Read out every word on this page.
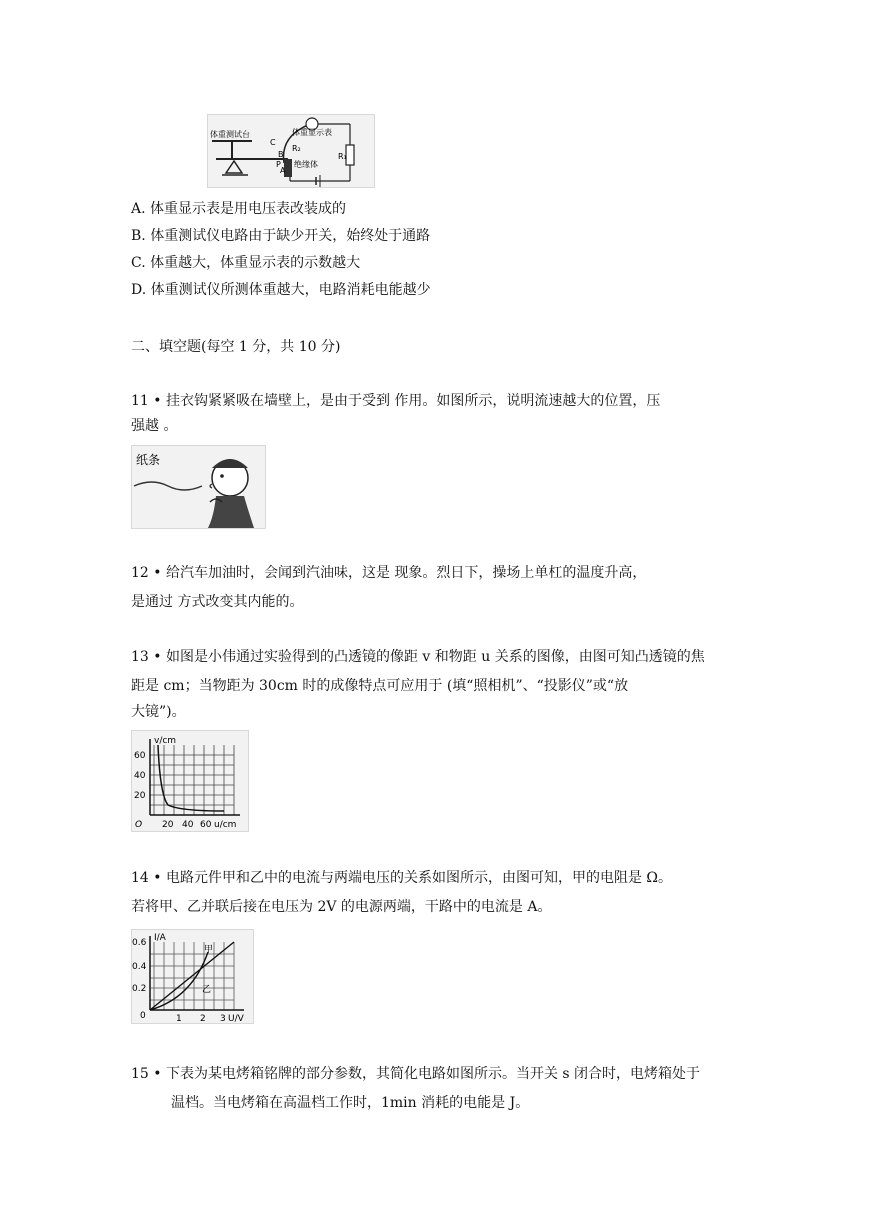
体重测试台	体重显示表
绝缘体
R₁
R₂
C
B
A
P
A. 体重显示表是用电压表改装成的
B. 体重测试仪电路由于缺少开关，始终处于通路
C. 体重越大，体重显示表的示数越大
D. 体重测试仪所测体重越大，电路消耗电能越少
二、填空题(每空 1 分，共 10 分)
11 • 挂衣钩紧紧吸在墙壁上，是由于受到 作用。如图所示，说明流速越大的位置，压
强越 。
纸条
12 • 给汽车加油时，会闻到汽油味，这是 现象。烈日下，操场上单杠的温度升高，
是通过 方式改变其内能的。
13 • 如图是小伟通过实验得到的凸透镜的像距 v 和物距 u 关系的图像，由图可知凸透镜的焦
距是 cm；当物距为 30cm 时的成像特点可应用于 (填“照相机”、“投影仪”或“放
大镜”)。
v/cm
u/cm
O
60
40
20
20 40 60
14 • 电路元件甲和乙中的电流与两端电压的关系如图所示，由图可知，甲的电阻是 Ω。
若将甲、乙并联后接在电压为 2V 的电源两端，干路中的电流是 A。
I/A
U/V
0
0.6
0.4
0.2
1 2 3
甲
乙
15 • 下表为某电烤箱铭牌的部分参数，其简化电路如图所示。当开关 s 闭合时，电烤箱处于
温档。当电烤箱在高温档工作时，1min 消耗的电能是 J。
